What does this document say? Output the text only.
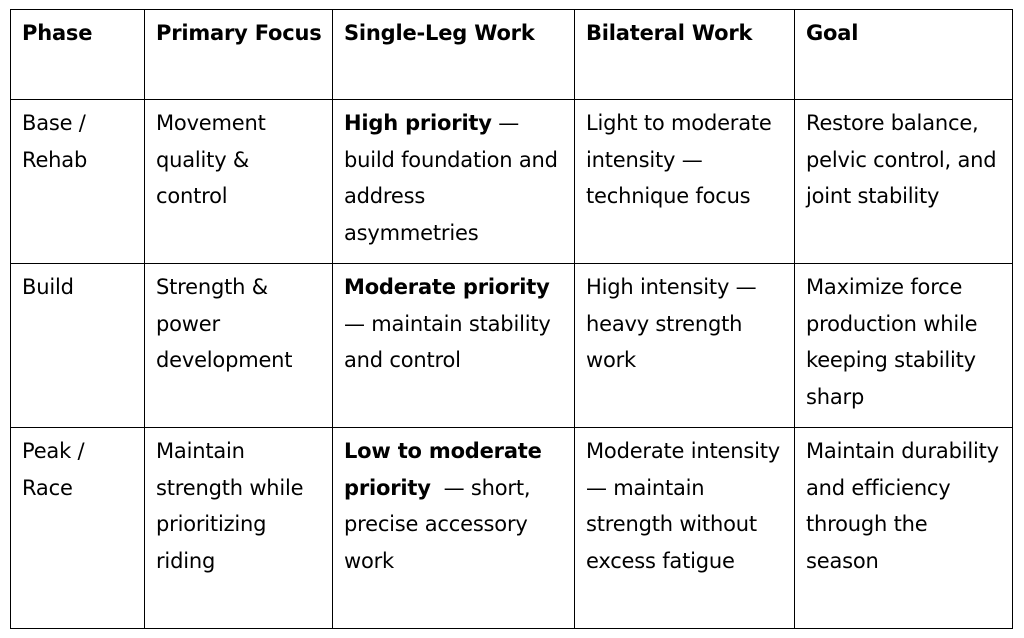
Phase	Primary Focus	Single-Leg Work	Bilateral Work	Goal
Base / Rehab	Movement quality & control	High priority — build foundation and address asymmetries	Light to moderate intensity — technique focus	Restore balance, pelvic control, and joint stability
Build	Strength & power development	Moderate priority — maintain stability and control	High intensity — heavy strength work	Maximize force production while keeping stability sharp
Peak / Race	Maintain strength while prioritizing riding	Low to moderate priority  — short, precise accessory work	Moderate intensity — maintain strength without excess fatigue	Maintain durability and efficiency through the season
